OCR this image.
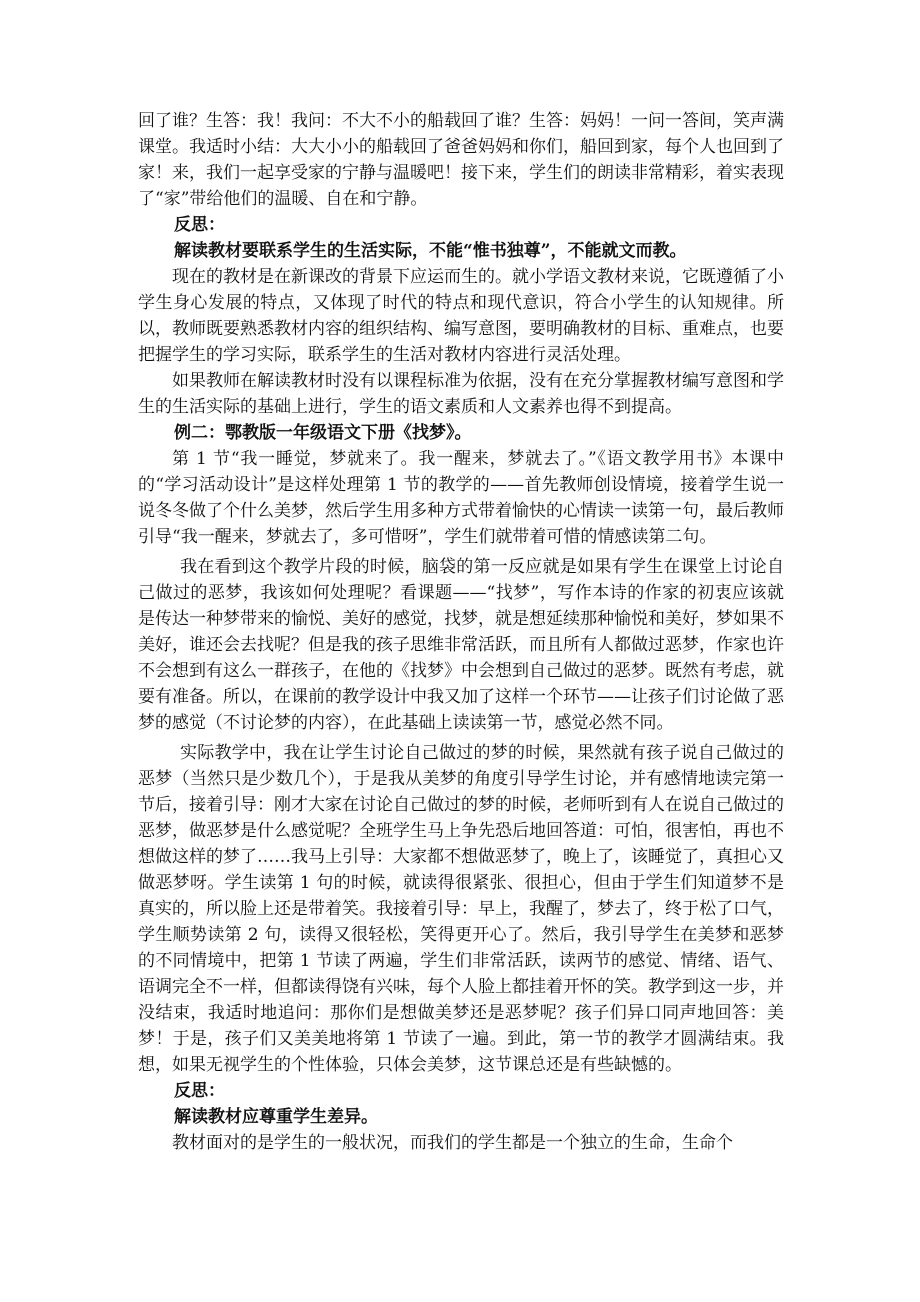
回了谁？生答：我！我问：不大不小的船载回了谁？生答：妈妈！一问一答间，笑声满课堂。我适时小结：大大小小的船载回了爸爸妈妈和你们，船回到家，每个人也回到了家！来，我们一起享受家的宁静与温暖吧！接下来，学生们的朗读非常精彩，着实表现了“家”带给他们的温暖、自在和宁静。

反思：

解读教材要联系学生的生活实际，不能“惟书独尊”，不能就文而教。

现在的教材是在新课改的背景下应运而生的。就小学语文教材来说，它既遵循了小学生身心发展的特点，又体现了时代的特点和现代意识，符合小学生的认知规律。所以，教师既要熟悉教材内容的组织结构、编写意图，要明确教材的目标、重难点，也要把握学生的学习实际，联系学生的生活对教材内容进行灵活处理。

如果教师在解读教材时没有以课程标准为依据，没有在充分掌握教材编写意图和学生的生活实际的基础上进行，学生的语文素质和人文素养也得不到提高。

例二：鄂教版一年级语文下册《找梦》。

第 1 节“我一睡觉，梦就来了。我一醒来，梦就去了。”《语文教学用书》本课中的“学习活动设计”是这样处理第 1 节的教学的——首先教师创设情境，接着学生说一说冬冬做了个什么美梦，然后学生用多种方式带着愉快的心情读一读第一句，最后教师引导“我一醒来，梦就去了，多可惜呀”，学生们就带着可惜的情感读第二句。

我在看到这个教学片段的时候，脑袋的第一反应就是如果有学生在课堂上讨论自己做过的恶梦，我该如何处理呢？看课题——“找梦”，写作本诗的作家的初衷应该就是传达一种梦带来的愉悦、美好的感觉，找梦，就是想延续那种愉悦和美好，梦如果不美好，谁还会去找呢？但是我的孩子思维非常活跃，而且所有人都做过恶梦，作家也许不会想到有这么一群孩子，在他的《找梦》中会想到自己做过的恶梦。既然有考虑，就要有准备。所以，在课前的教学设计中我又加了这样一个环节——让孩子们讨论做了恶梦的感觉（不讨论梦的内容），在此基础上读读第一节，感觉必然不同。

实际教学中，我在让学生讨论自己做过的梦的时候，果然就有孩子说自己做过的恶梦（当然只是少数几个），于是我从美梦的角度引导学生讨论，并有感情地读完第一节后，接着引导：刚才大家在讨论自己做过的梦的时候，老师听到有人在说自己做过的恶梦，做恶梦是什么感觉呢？全班学生马上争先恐后地回答道：可怕，很害怕，再也不想做这样的梦了……我马上引导：大家都不想做恶梦了，晚上了，该睡觉了，真担心又做恶梦呀。学生读第 1 句的时候，就读得很紧张、很担心，但由于学生们知道梦不是真实的，所以脸上还是带着笑。我接着引导：早上，我醒了，梦去了，终于松了口气，学生顺势读第 2 句，读得又很轻松，笑得更开心了。然后，我引导学生在美梦和恶梦的不同情境中，把第 1 节读了两遍，学生们非常活跃，读两节的感觉、情绪、语气、语调完全不一样，但都读得饶有兴味，每个人脸上都挂着开怀的笑。教学到这一步，并没结束，我适时地追问：那你们是想做美梦还是恶梦呢？孩子们异口同声地回答：美梦！于是，孩子们又美美地将第 1 节读了一遍。到此，第一节的教学才圆满结束。我想，如果无视学生的个性体验，只体会美梦，这节课总还是有些缺憾的。

反思：

解读教材应尊重学生差异。

教材面对的是学生的一般状况，而我们的学生都是一个独立的生命，生命个
